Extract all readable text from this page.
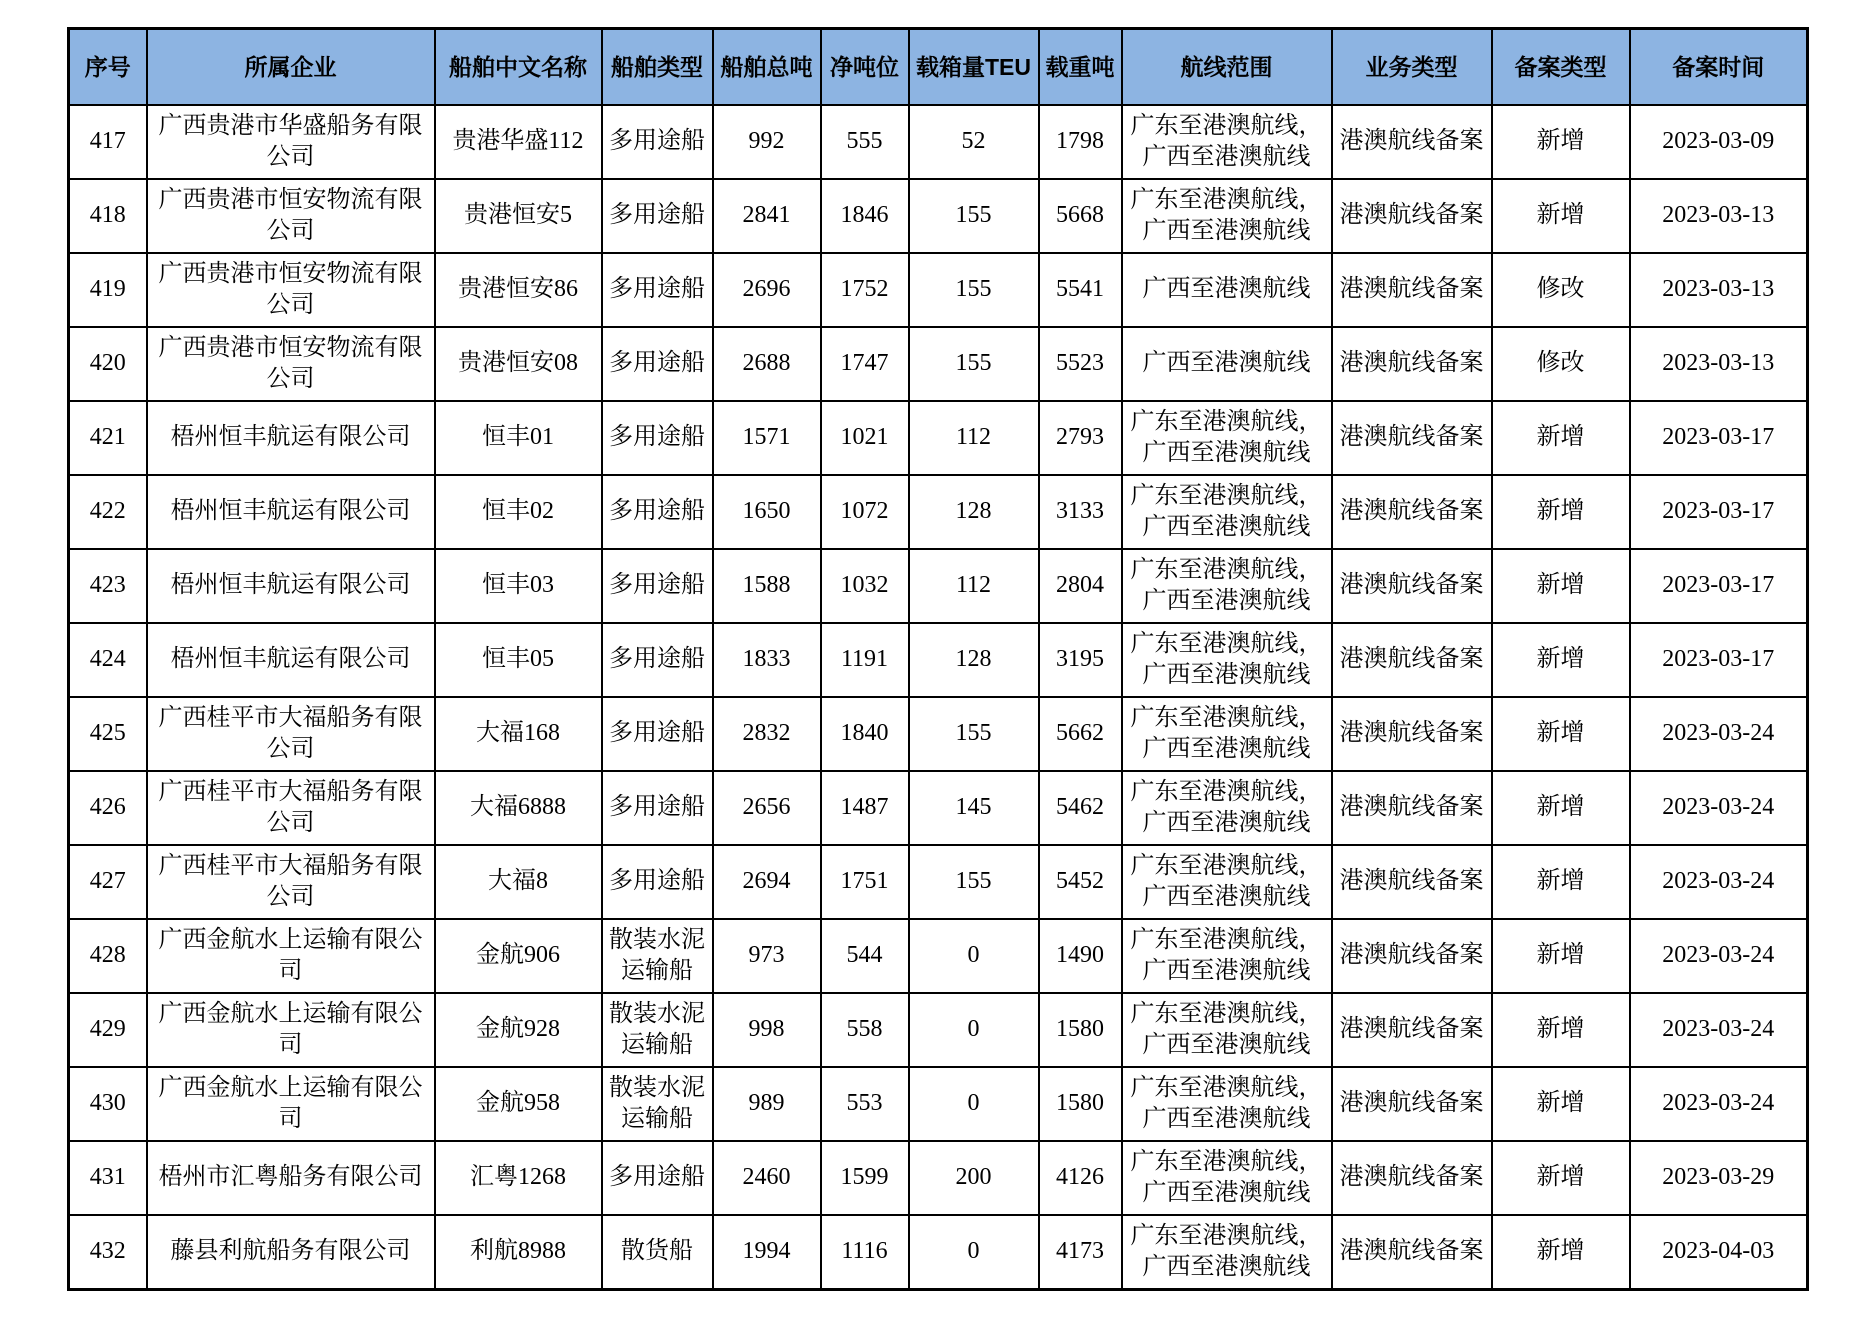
序号	所属企业	船舶中文名称	船舶类型	船舶总吨	净吨位	载箱量TEU	载重吨	航线范围	业务类型	备案类型	备案时间
417	广西贵港市华盛船务有限公司	贵港华盛112	多用途船	992	555	52	1798	广东至港澳航线，广西至港澳航线	港澳航线备案	新增	2023-03-09
418	广西贵港市恒安物流有限公司	贵港恒安5	多用途船	2841	1846	155	5668	广东至港澳航线，广西至港澳航线	港澳航线备案	新增	2023-03-13
419	广西贵港市恒安物流有限公司	贵港恒安86	多用途船	2696	1752	155	5541	广西至港澳航线	港澳航线备案	修改	2023-03-13
420	广西贵港市恒安物流有限公司	贵港恒安08	多用途船	2688	1747	155	5523	广西至港澳航线	港澳航线备案	修改	2023-03-13
421	梧州恒丰航运有限公司	恒丰01	多用途船	1571	1021	112	2793	广东至港澳航线，广西至港澳航线	港澳航线备案	新增	2023-03-17
422	梧州恒丰航运有限公司	恒丰02	多用途船	1650	1072	128	3133	广东至港澳航线，广西至港澳航线	港澳航线备案	新增	2023-03-17
423	梧州恒丰航运有限公司	恒丰03	多用途船	1588	1032	112	2804	广东至港澳航线，广西至港澳航线	港澳航线备案	新增	2023-03-17
424	梧州恒丰航运有限公司	恒丰05	多用途船	1833	1191	128	3195	广东至港澳航线，广西至港澳航线	港澳航线备案	新增	2023-03-17
425	广西桂平市大福船务有限公司	大福168	多用途船	2832	1840	155	5662	广东至港澳航线，广西至港澳航线	港澳航线备案	新增	2023-03-24
426	广西桂平市大福船务有限公司	大福6888	多用途船	2656	1487	145	5462	广东至港澳航线，广西至港澳航线	港澳航线备案	新增	2023-03-24
427	广西桂平市大福船务有限公司	大福8	多用途船	2694	1751	155	5452	广东至港澳航线，广西至港澳航线	港澳航线备案	新增	2023-03-24
428	广西金航水上运输有限公司	金航906	散装水泥运输船	973	544	0	1490	广东至港澳航线，广西至港澳航线	港澳航线备案	新增	2023-03-24
429	广西金航水上运输有限公司	金航928	散装水泥运输船	998	558	0	1580	广东至港澳航线，广西至港澳航线	港澳航线备案	新增	2023-03-24
430	广西金航水上运输有限公司	金航958	散装水泥运输船	989	553	0	1580	广东至港澳航线，广西至港澳航线	港澳航线备案	新增	2023-03-24
431	梧州市汇粤船务有限公司	汇粤1268	多用途船	2460	1599	200	4126	广东至港澳航线，广西至港澳航线	港澳航线备案	新增	2023-03-29
432	藤县利航船务有限公司	利航8988	散货船	1994	1116	0	4173	广东至港澳航线，广西至港澳航线	港澳航线备案	新增	2023-04-03
